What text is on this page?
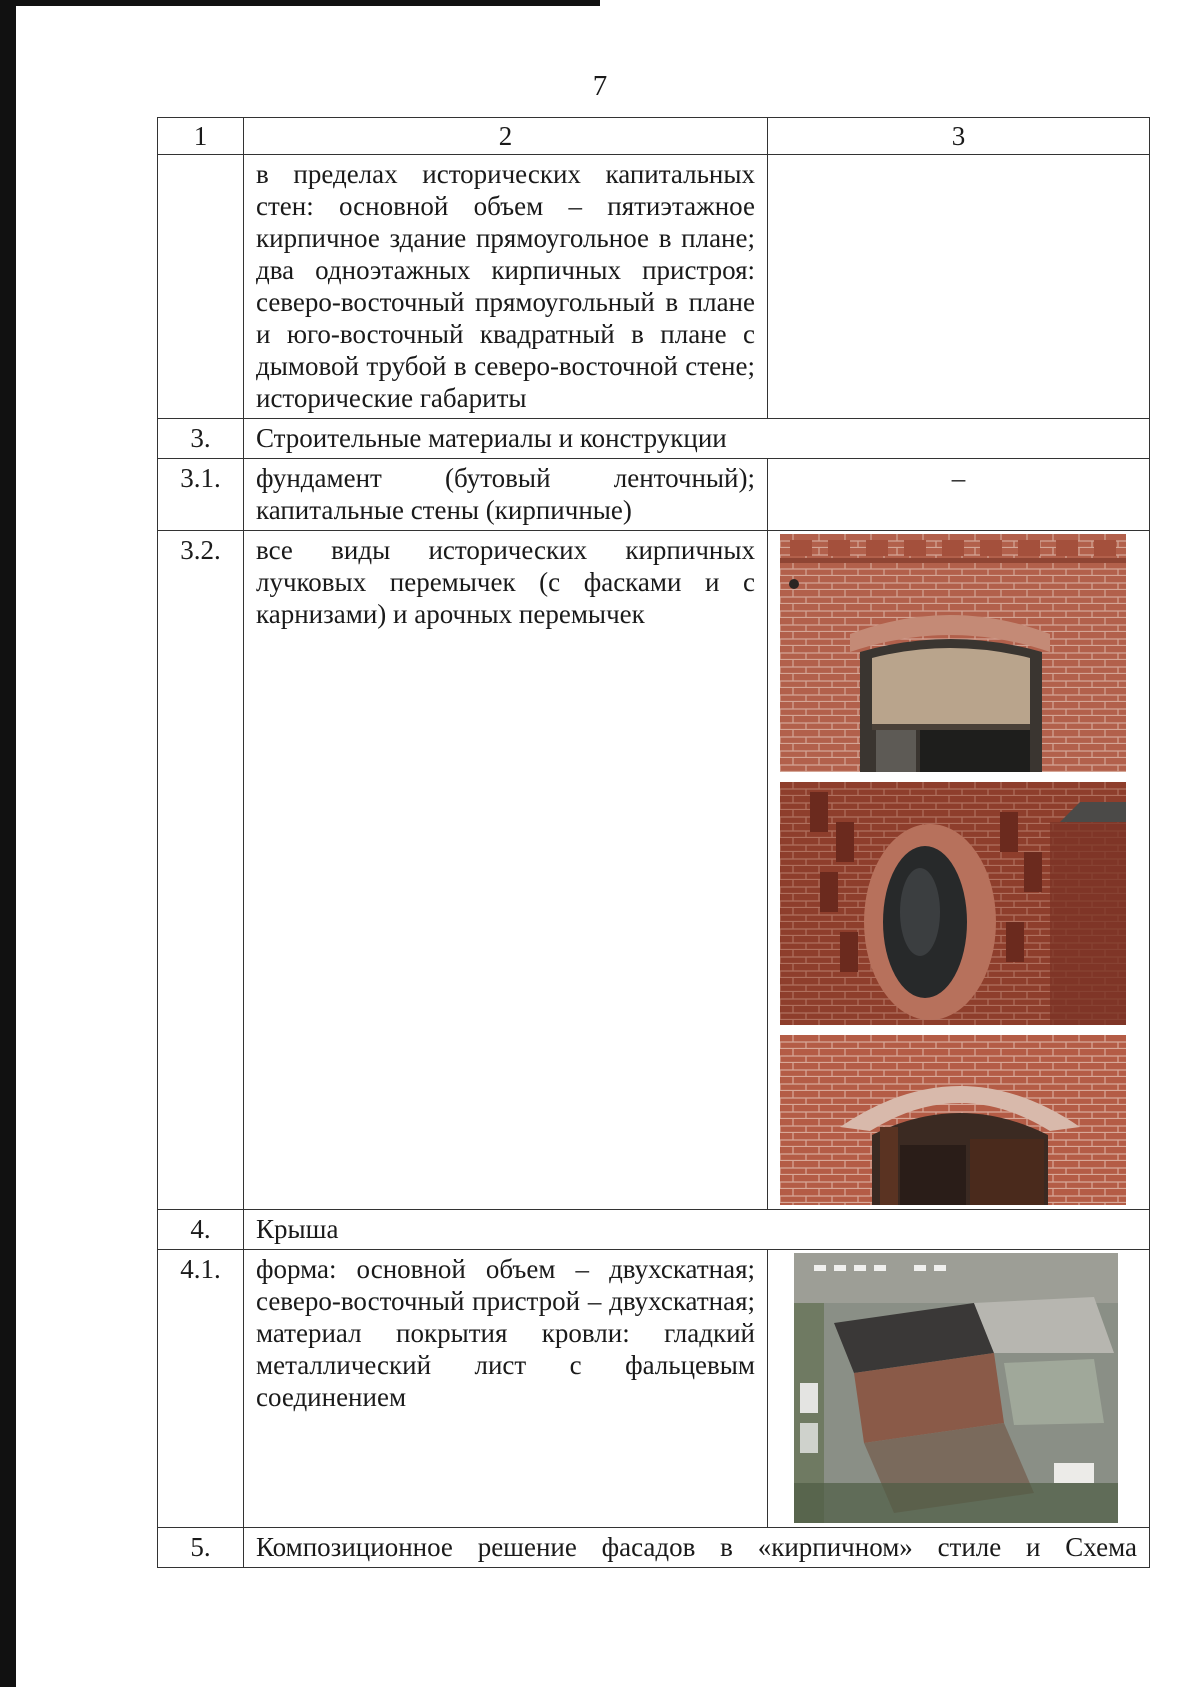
7
1	2	3
	в пределах исторических капитальных стен: основной объем – пятиэтажное кирпичное здание прямоугольное в плане; два одноэтажных кирпичных пристроя: северо-восточный прямоугольный в плане и юго-восточный квадратный в плане с дымовой трубой в северо-восточной стене; исторические габариты	
3.	Строительные материалы и конструкции	
3.1.	фундамент (бутовый ленточный); капитальные стены (кирпичные)	–
3.2.	все виды исторических кирпичных лучковых перемычек (с фасками и с карнизами) и арочных перемычек	

4.	Крыша	
4.1.	форма: основной объем – двухскатная; северо-восточный пристрой – двухскатная; материал покрытия кровли: гладкий металлический лист с фальцевым соединением	

5.	Композиционное решение фасадов в «кирпичном» стиле и Схема	
